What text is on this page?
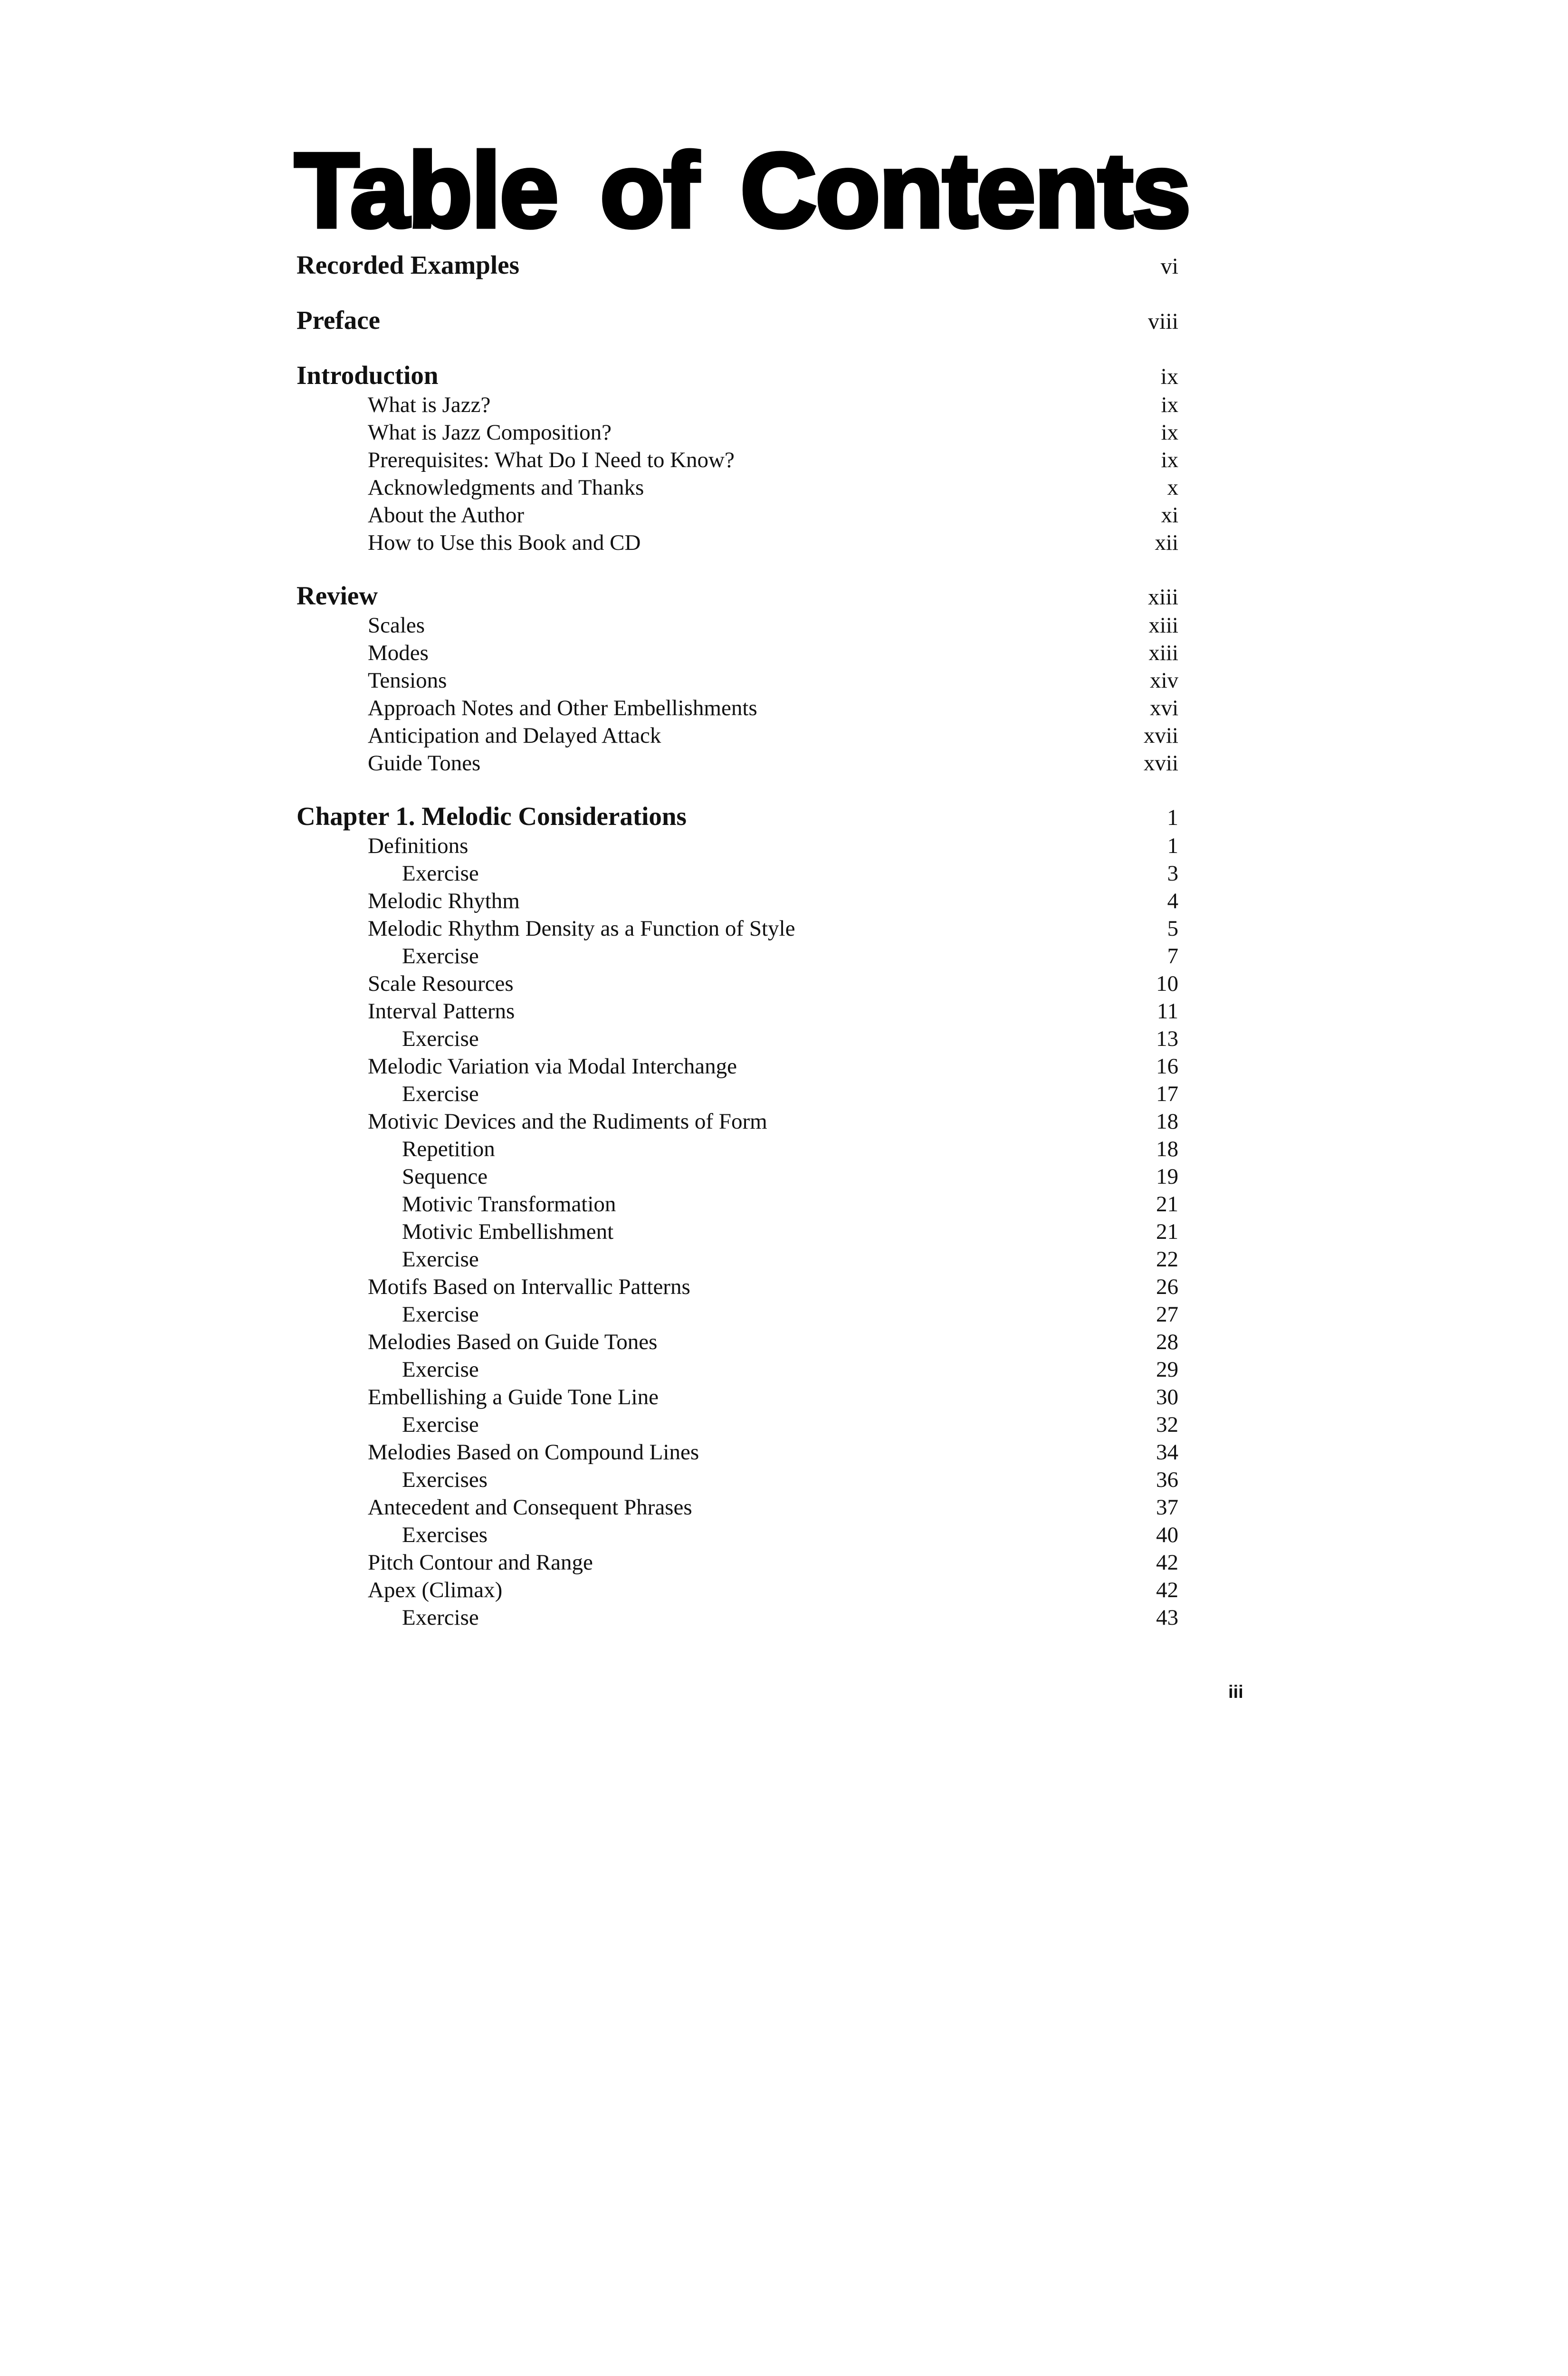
Table of Contents
Recorded Examples	vi
Preface	viii
Introduction	ix
What is Jazz?	ix
What is Jazz Composition?	ix
Prerequisites: What Do I Need to Know?	ix
Acknowledgments and Thanks	x
About the Author	xi
How to Use this Book and CD	xii
Review	xiii
Scales	xiii
Modes	xiii
Tensions	xiv
Approach Notes and Other Embellishments	xvi
Anticipation and Delayed Attack	xvii
Guide Tones	xvii
Chapter 1. Melodic Considerations	1
Definitions	1
Exercise	3
Melodic Rhythm	4
Melodic Rhythm Density as a Function of Style	5
Exercise	7
Scale Resources	10
Interval Patterns	11
Exercise	13
Melodic Variation via Modal Interchange	16
Exercise	17
Motivic Devices and the Rudiments of Form	18
Repetition	18
Sequence	19
Motivic Transformation	21
Motivic Embellishment	21
Exercise	22
Motifs Based on Intervallic Patterns	26
Exercise	27
Melodies Based on Guide Tones	28
Exercise	29
Embellishing a Guide Tone Line	30
Exercise	32
Melodies Based on Compound Lines	34
Exercises	36
Antecedent and Consequent Phrases	37
Exercises	40
Pitch Contour and Range	42
Apex (Climax)	42
Exercise	43
iii
